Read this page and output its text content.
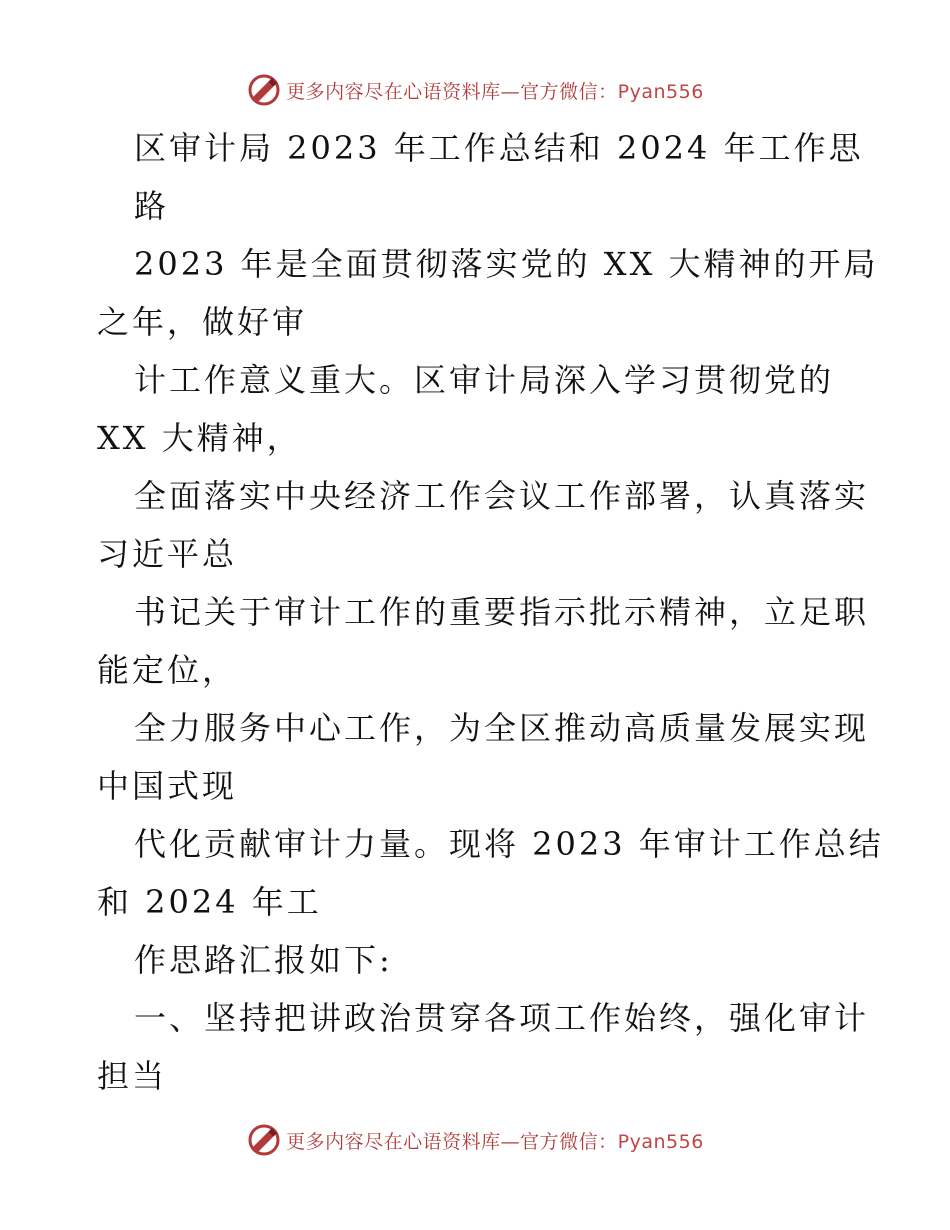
更多内容尽在心语资料库—官方微信：Pyan556
区审计局 2023 年工作总结和 2024 年工作思
路
2023 年是全面贯彻落实党的 XX 大精神的开局
之年，做好审
计工作意义重大。区审计局深入学习贯彻党的
XX 大精神，
全面落实中央经济工作会议工作部署，认真落实
习近平总
书记关于审计工作的重要指示批示精神，立足职
能定位，
全力服务中心工作，为全区推动高质量发展实现
中国式现
代化贡献审计力量。现将 2023 年审计工作总结
和 2024 年工
作思路汇报如下:
一、坚持把讲政治贯穿各项工作始终，强化审计
担当
更多内容尽在心语资料库—官方微信：Pyan556
